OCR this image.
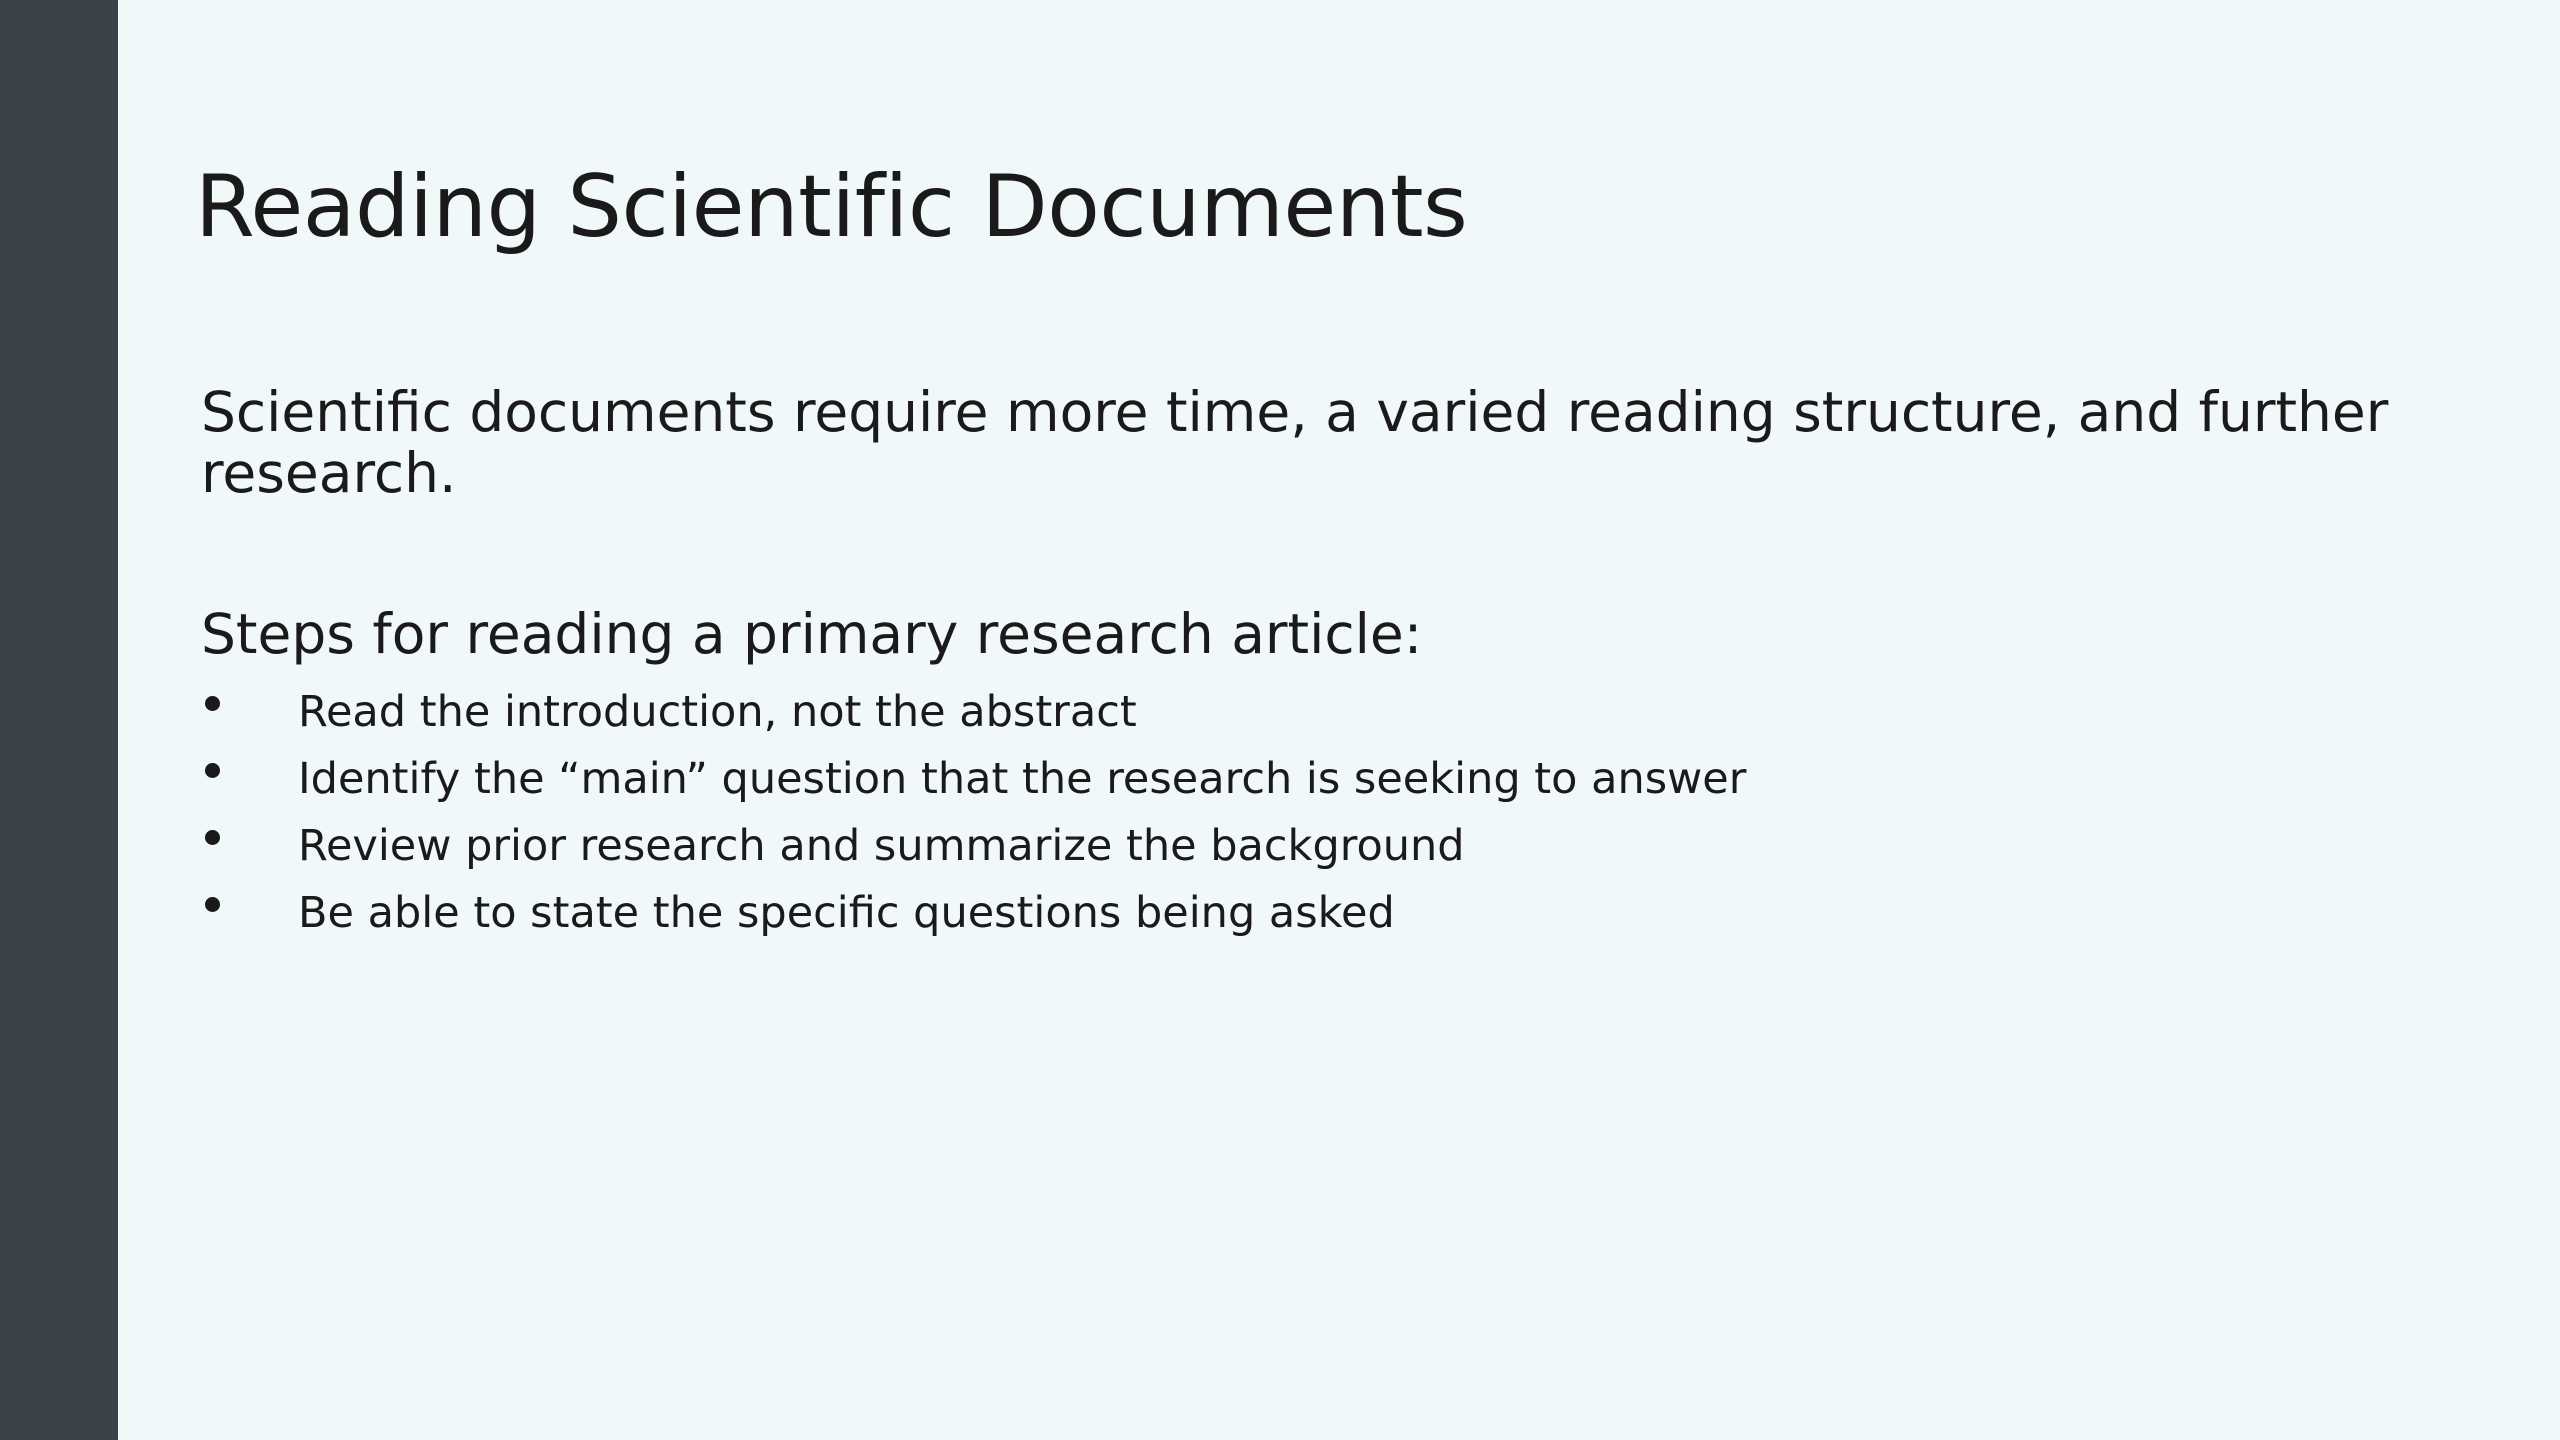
Reading Scientific Documents

Scientific documents require more time, a varied reading structure, and further research.

Steps for reading a primary research article:

Read the introduction, not the abstract
Identify the “main” question that the research is seeking to answer
Review prior research and summarize the background
Be able to state the specific questions being asked
